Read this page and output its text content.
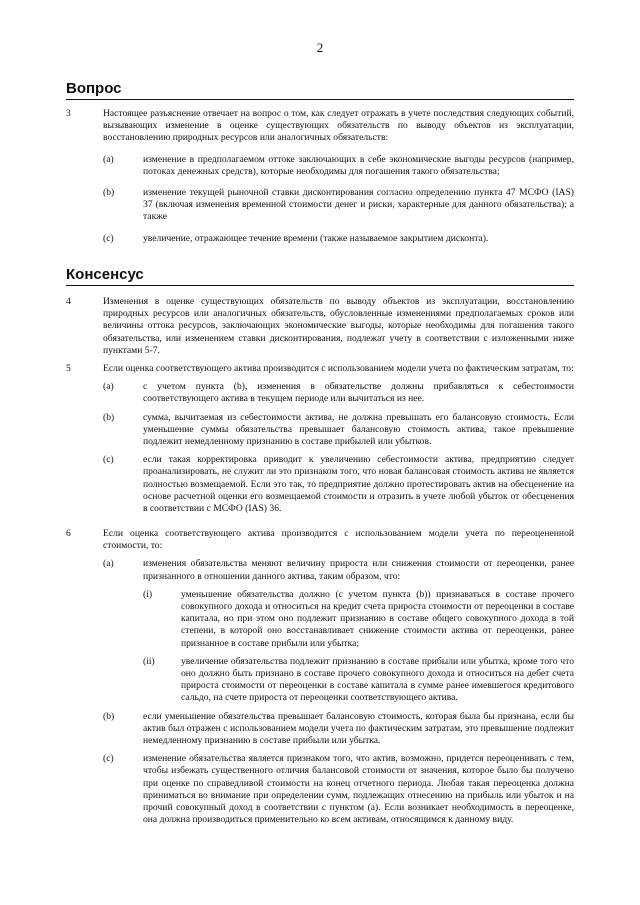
2
Вопрос
3	Настоящее разъяснение отвечает на вопрос о том, как следует отражать в учете последствия следующих событий, вызывающих изменение в оценке существующих обязательств по выводу объектов из эксплуатации, восстановлению природных ресурсов или аналогичных обязательств:
(a)	изменение в предполагаемом оттоке заключающих в себе экономические выгоды ресурсов (например, потоках денежных средств), которые необходимы для погашения такого обязательства;
(b)	изменение текущей рыночной ставки дисконтирования согласно определению пункта 47 МСФО (IAS) 37 (включая изменения временной стоимости денег и риски, характерные для данного обязательства); а также
(c)	увеличение, отражающее течение времени (также называемое закрытием дисконта).
Консенсус
4	Изменения в оценке существующих обязательств по выводу объектов из эксплуатации, восстановлению природных ресурсов или аналогичных обязательств, обусловленные изменениями предполагаемых сроков или величины оттока ресурсов, заключающих экономические выгоды, которые необходимы для погашения такого обязательства, или изменением ставки дисконтирования, подлежат учету в соответствии с изложенными ниже пунктами 5-7.
5	Если оценка соответствующего актива производится с использованием модели учета по фактическим затратам, то:
(a)	с учетом пункта (b), изменения в обязательстве должны прибавляться к себестоимости соответствующего актива в текущем периоде или вычитаться из нее.
(b)	сумма, вычитаемая из себестоимости актива, не должна превышать его балансовую стоимость. Если уменьшение суммы обязательства превышает балансовую стоимость актива, такое превышение подлежит немедленному признанию в составе прибылей или убытков.
(c)	если такая корректировка приводит к увеличению себестоимости актива, предприятию следует проанализировать, не служит ли это признаком того, что новая балансовая стоимость актива не является полностью возмещаемой. Если это так, то предприятие должно протестировать актив на обесценение на основе расчетной оценки его возмещаемой стоимости и отразить в учете любой убыток от обесценения в соответствии с МСФО (IAS) 36.
6	Если оценка соответствующего актива производится с использованием модели учета по переоцененной стоимости, то:
(a)	изменения обязательства меняют величину прироста или снижения стоимости от переоценки, ранее признанного в отношении данного актива, таким образом, что:
(i)	уменьшение обязательства должно (с учетом пункта (b)) признаваться в составе прочего совокупного дохода и относиться на кредит счета прироста стоимости от переоценки в составе капитала, но при этом оно подлежит признанию в составе общего совокупного дохода в той степени, в которой оно восстанавливает снижение стоимости актива от переоценки, ранее признанное в составе прибыли или убытка;
(ii)	увеличение обязательства подлежит признанию в составе прибыли или убытка, кроме того что оно должно быть признано в составе прочего совокупного дохода и относиться на дебет счета прироста стоимости от переоценки в составе капитала в сумме ранее имевшегося кредитового сальдо, на счете прироста от переоценки соответствующего актива.
(b)	если уменьшение обязательства превышает балансовую стоимость, которая была бы признана, если бы актив был отражен с использованием модели учета по фактическим затратам, это превышение подлежит немедленному признанию в составе прибыли или убытка.
(c)	изменение обязательства является признаком того, что актив, возможно, придется переоценивать с тем, чтобы избежать существенного отличия балансовой стоимости от значения, которое было бы получено при оценке по справедливой стоимости на конец отчетного периода. Любая такая переоценка должна приниматься во внимание при определении сумм, подлежащих отнесению на прибыль или убыток и на прочий совокупный доход в соответствии с пунктом (a). Если возникает необходимость в переоценке, она должна производиться применительно ко всем активам, относящимся к данному виду.
